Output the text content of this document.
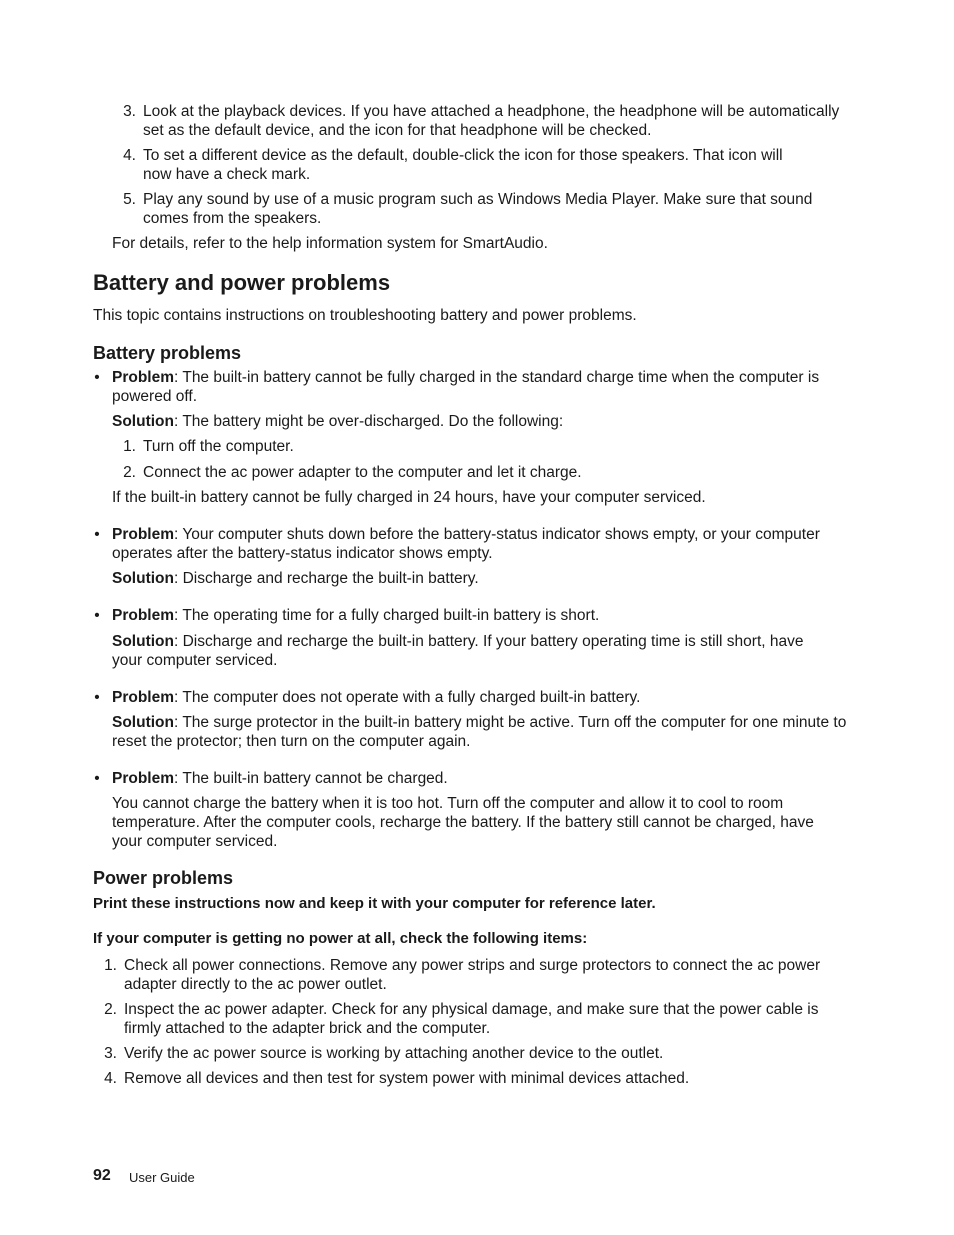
3. Look at the playback devices. If you have attached a headphone, the headphone will be automatically set as the default device, and the icon for that headphone will be checked.
4. To set a different device as the default, double-click the icon for those speakers. That icon will now have a check mark.
5. Play any sound by use of a music program such as Windows Media Player. Make sure that sound comes from the speakers.
For details, refer to the help information system for SmartAudio.
Battery and power problems
This topic contains instructions on troubleshooting battery and power problems.
Battery problems
• Problem: The built-in battery cannot be fully charged in the standard charge time when the computer is powered off.
Solution: The battery might be over-discharged. Do the following:
1. Turn off the computer.
2. Connect the ac power adapter to the computer and let it charge.
If the built-in battery cannot be fully charged in 24 hours, have your computer serviced.
• Problem: Your computer shuts down before the battery-status indicator shows empty, or your computer operates after the battery-status indicator shows empty.
Solution: Discharge and recharge the built-in battery.
• Problem: The operating time for a fully charged built-in battery is short.
Solution: Discharge and recharge the built-in battery. If your battery operating time is still short, have your computer serviced.
• Problem: The computer does not operate with a fully charged built-in battery.
Solution: The surge protector in the built-in battery might be active. Turn off the computer for one minute to reset the protector; then turn on the computer again.
• Problem: The built-in battery cannot be charged.
You cannot charge the battery when it is too hot. Turn off the computer and allow it to cool to room temperature. After the computer cools, recharge the battery. If the battery still cannot be charged, have your computer serviced.
Power problems
Print these instructions now and keep it with your computer for reference later.
If your computer is getting no power at all, check the following items:
1. Check all power connections. Remove any power strips and surge protectors to connect the ac power adapter directly to the ac power outlet.
2. Inspect the ac power adapter. Check for any physical damage, and make sure that the power cable is firmly attached to the adapter brick and the computer.
3. Verify the ac power source is working by attaching another device to the outlet.
4. Remove all devices and then test for system power with minimal devices attached.
92 User Guide
